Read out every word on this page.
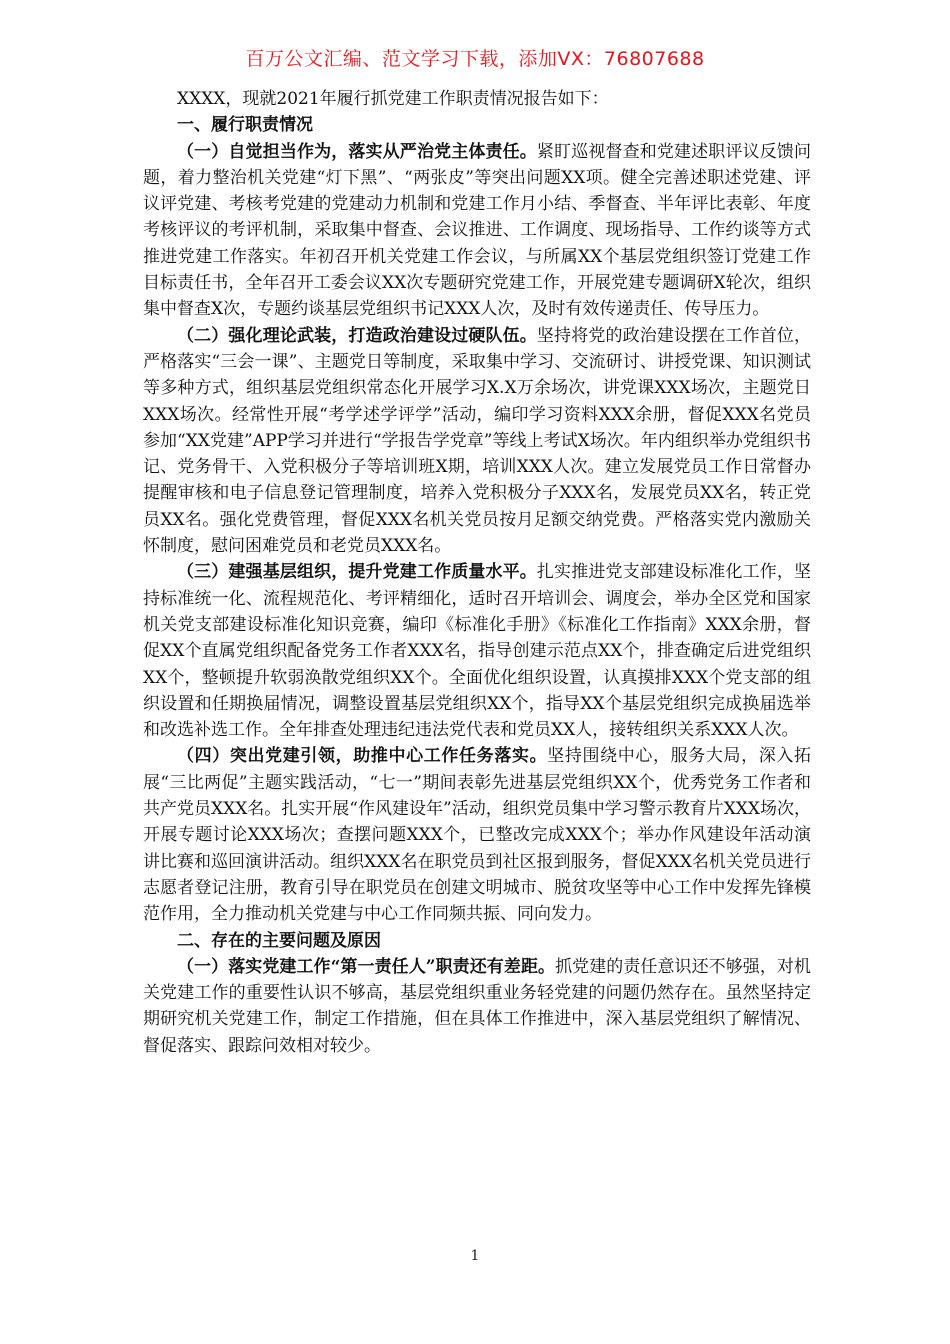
百万公文汇编、范文学习下载，添加VX：76807688

XXXX，现就2021年履行抓党建工作职责情况报告如下：

一、履行职责情况

（一）自觉担当作为，落实从严治党主体责任。紧盯巡视督查和党建述职评议反馈问题，着力整治机关党建“灯下黑”、“两张皮”等突出问题XX项。健全完善述职述党建、评议评党建、考核考党建的党建动力机制和党建工作月小结、季督查、半年评比表彰、年度考核评议的考评机制，采取集中督查、会议推进、工作调度、现场指导、工作约谈等方式推进党建工作落实。年初召开机关党建工作会议，与所属XX个基层党组织签订党建工作目标责任书，全年召开工委会议XX次专题研究党建工作，开展党建专题调研X轮次，组织集中督查X次，专题约谈基层党组织书记XXX人次，及时有效传递责任、传导压力。

（二）强化理论武装，打造政治建设过硬队伍。坚持将党的政治建设摆在工作首位，严格落实“三会一课”、主题党日等制度，采取集中学习、交流研讨、讲授党课、知识测试等多种方式，组织基层党组织常态化开展学习X.X万余场次，讲党课XXX场次，主题党日XXX场次。经常性开展“考学述学评学”活动，编印学习资料XXX余册，督促XXX名党员参加“XX党建”APP学习并进行“学报告学党章”等线上考试X场次。年内组织举办党组织书记、党务骨干、入党积极分子等培训班X期，培训XXX人次。建立发展党员工作日常督办提醒审核和电子信息登记管理制度，培养入党积极分子XXX名，发展党员XX名，转正党员XX名。强化党费管理，督促XXX名机关党员按月足额交纳党费。严格落实党内激励关怀制度，慰问困难党员和老党员XXX名。

（三）建强基层组织，提升党建工作质量水平。扎实推进党支部建设标准化工作，坚持标准统一化、流程规范化、考评精细化，适时召开培训会、调度会，举办全区党和国家机关党支部建设标准化知识竞赛，编印《标准化手册》《标准化工作指南》XXX余册，督促XX个直属党组织配备党务工作者XXX名，指导创建示范点XX个，排查确定后进党组织XX个，整顿提升软弱涣散党组织XX个。全面优化组织设置，认真摸排XXX个党支部的组织设置和任期换届情况，调整设置基层党组织XX个，指导XX个基层党组织完成换届选举和改选补选工作。全年排查处理违纪违法党代表和党员XX人，接转组织关系XXX人次。

（四）突出党建引领，助推中心工作任务落实。坚持围绕中心，服务大局，深入拓展“三比两促”主题实践活动，“七一”期间表彰先进基层党组织XX个，优秀党务工作者和共产党员XXX名。扎实开展“作风建设年”活动，组织党员集中学习警示教育片XXX场次，开展专题讨论XXX场次；查摆问题XXX个，已整改完成XXX个；举办作风建设年活动演讲比赛和巡回演讲活动。组织XXX名在职党员到社区报到服务，督促XXX名机关党员进行志愿者登记注册，教育引导在职党员在创建文明城市、脱贫攻坚等中心工作中发挥先锋模范作用，全力推动机关党建与中心工作同频共振、同向发力。

二、存在的主要问题及原因

（一）落实党建工作“第一责任人”职责还有差距。抓党建的责任意识还不够强，对机关党建工作的重要性认识不够高，基层党组织重业务轻党建的问题仍然存在。虽然坚持定期研究机关党建工作，制定工作措施，但在具体工作推进中，深入基层党组织了解情况、督促落实、跟踪问效相对较少。

1
